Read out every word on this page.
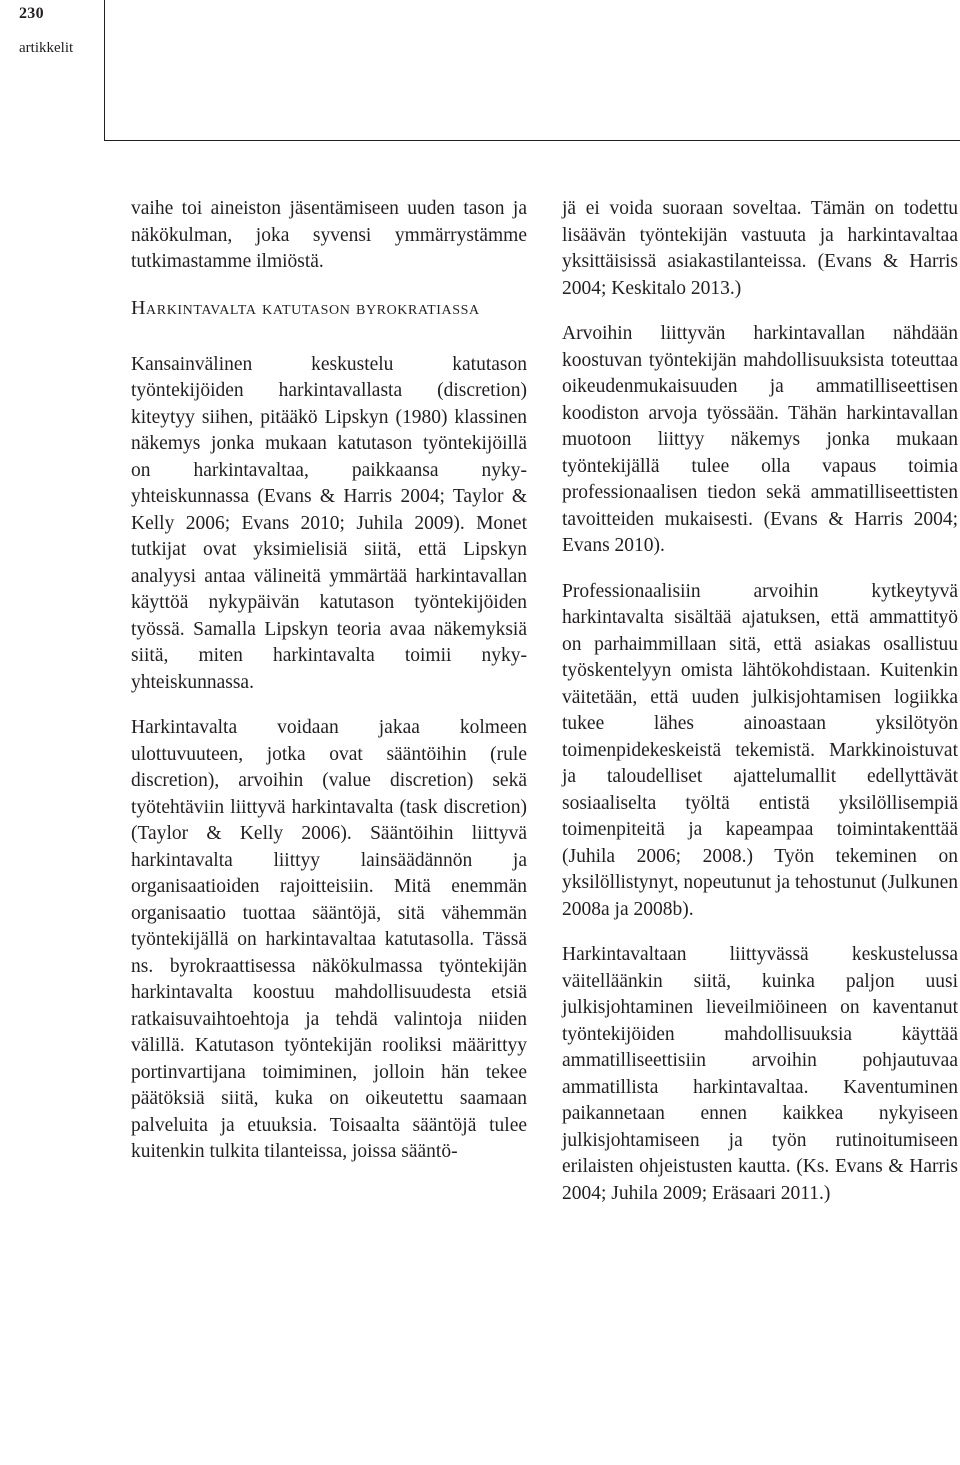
230
artikkelit

vaihe toi aineiston jäsentämiseen uuden tason ja näkökulman, joka syvensi ymmärrystämme tutkimastamme ilmiöstä.

Harkintavalta katutason byrokratiassa

Kansainvälinen keskustelu katutason työntekijöiden harkintavallasta (discretion) kiteytyy siihen, pitääkö Lipskyn (1980) klassinen näkemys jonka mukaan katutason työntekijöillä on harkintavaltaa, paikkaansa nyky-yhteiskunnassa (Evans & Harris 2004; Taylor & Kelly 2006; Evans 2010; Juhila 2009). Monet tutkijat ovat yksimielisiä siitä, että Lipskyn analyysi antaa välineitä ymmärtää harkintavallan käyttöä nykypäivän katutason työntekijöiden työssä. Samalla Lipskyn teoria avaa näkemyksiä siitä, miten harkintavalta toimii nyky-yhteiskunnassa.

Harkintavalta voidaan jakaa kolmeen ulottuvuuteen, jotka ovat sääntöihin (rule discretion), arvoihin (value discretion) sekä työtehtäviin liittyvä harkintavalta (task discretion) (Taylor & Kelly 2006). Sääntöihin liittyvä harkintavalta liittyy lainsäädännön ja organisaatioiden rajoitteisiin. Mitä enemmän organisaatio tuottaa sääntöjä, sitä vähemmän työntekijällä on harkintavaltaa katutasolla. Tässä ns. byrokraattisessa näkökulmassa työntekijän harkintavalta koostuu mahdollisuudesta etsiä ratkaisuvaihtoehtoja ja tehdä valintoja niiden välillä. Katutason työntekijän rooliksi määrittyy portinvartijana toimiminen, jolloin hän tekee päätöksiä siitä, kuka on oikeutettu saamaan palveluita ja etuuksia. Toisaalta sääntöjä tulee kuitenkin tulkita tilanteissa, joissa sääntö-

jä ei voida suoraan soveltaa. Tämän on todettu lisäävän työntekijän vastuuta ja harkintavaltaa yksittäisissä asiakastilanteissa. (Evans & Harris 2004; Keskitalo 2013.)

Arvoihin liittyvän harkintavallan nähdään koostuvan työntekijän mahdollisuuksista toteuttaa oikeudenmukaisuuden ja ammatilliseettisen koodiston arvoja työssään. Tähän harkintavallan muotoon liittyy näkemys jonka mukaan työntekijällä tulee olla vapaus toimia professionaalisen tiedon sekä ammatilliseettisten tavoitteiden mukaisesti. (Evans & Harris 2004; Evans 2010).

Professionaalisiin arvoihin kytkeytyvä harkintavalta sisältää ajatuksen, että ammattityö on parhaimmillaan sitä, että asiakas osallistuu työskentelyyn omista lähtökohdistaan. Kuitenkin väitetään, että uuden julkisjohtamisen logiikka tukee lähes ainoastaan yksilötyön toimenpidekeskeistä tekemistä. Markkinoistuvat ja taloudelliset ajattelumallit edellyttävät sosiaaliselta työltä entistä yksilöllisempiä toimenpiteitä ja kapeampaa toimintakenttää (Juhila 2006; 2008.) Työn tekeminen on yksilöllistynyt, nopeutunut ja tehostunut (Julkunen 2008a ja 2008b).

Harkintavaltaan liittyvässä keskustelussa väitelläänkin siitä, kuinka paljon uusi julkisjohtaminen lieveilmiöineen on kaventanut työntekijöiden mahdollisuuksia käyttää ammatilliseettisiin arvoihin pohjautuvaa ammatillista harkintavaltaa. Kaventuminen paikannetaan ennen kaikkea nykyiseen julkisjohtamiseen ja työn rutinoitumiseen erilaisten ohjeistusten kautta. (Ks. Evans & Harris 2004; Juhila 2009; Eräsaari 2011.)
